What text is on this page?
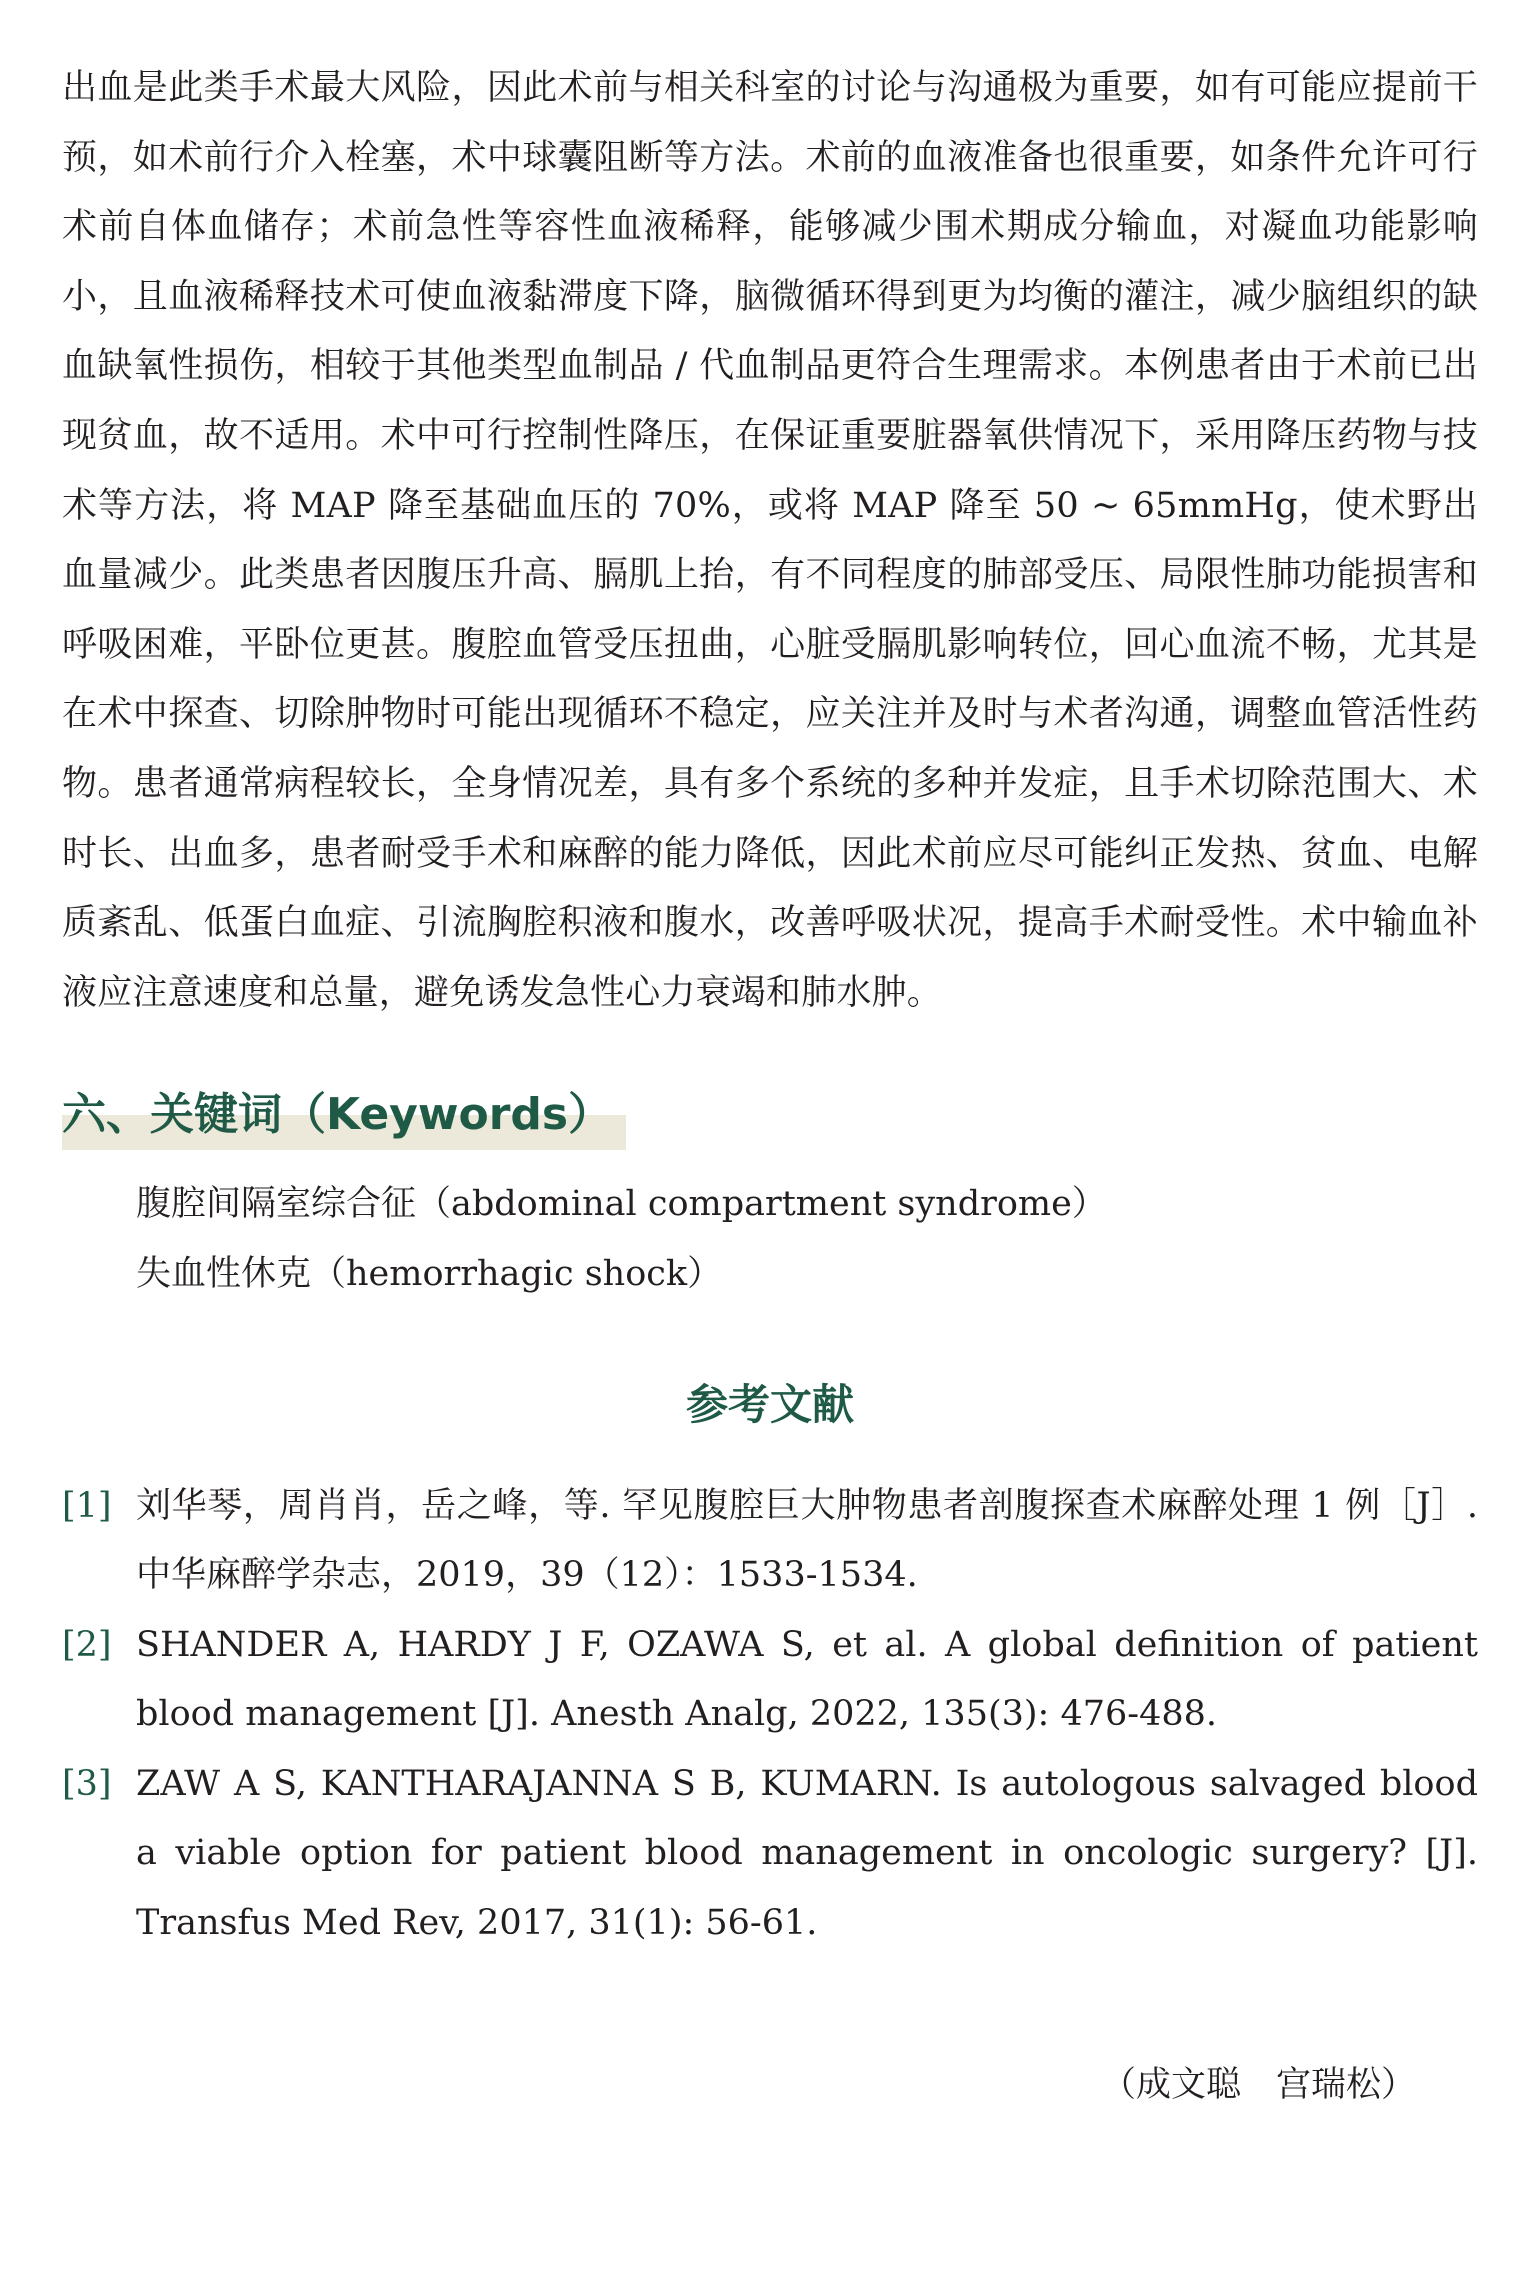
出血是此类手术最大风险，因此术前与相关科室的讨论与沟通极为重要，如有可能应提前干预，如术前行介入栓塞，术中球囊阻断等方法。术前的血液准备也很重要，如条件允许可行术前自体血储存；术前急性等容性血液稀释，能够减少围术期成分输血，对凝血功能影响小，且血液稀释技术可使血液黏滞度下降，脑微循环得到更为均衡的灌注，减少脑组织的缺血缺氧性损伤，相较于其他类型血制品 / 代血制品更符合生理需求。本例患者由于术前已出现贫血，故不适用。术中可行控制性降压，在保证重要脏器氧供情况下，采用降压药物与技术等方法，将 MAP 降至基础血压的 70%，或将 MAP 降至 50 ~ 65mmHg，使术野出血量减少。此类患者因腹压升高、膈肌上抬，有不同程度的肺部受压、局限性肺功能损害和呼吸困难，平卧位更甚。腹腔血管受压扭曲，心脏受膈肌影响转位，回心血流不畅，尤其是在术中探查、切除肿物时可能出现循环不稳定，应关注并及时与术者沟通，调整血管活性药物。患者通常病程较长，全身情况差，具有多个系统的多种并发症，且手术切除范围大、术时长、出血多，患者耐受手术和麻醉的能力降低，因此术前应尽可能纠正发热、贫血、电解质紊乱、低蛋白血症、引流胸腔积液和腹水，改善呼吸状况，提高手术耐受性。术中输血补液应注意速度和总量，避免诱发急性心力衰竭和肺水肿。

六、关键词（Keywords）

腹腔间隔室综合征（abdominal compartment syndrome）

失血性休克（hemorrhagic shock）

参考文献
[1] 刘华琴，周肖肖，岳之峰，等. 罕见腹腔巨大肿物患者剖腹探查术麻醉处理 1 例［J］. 中华麻醉学杂志，2019，39（12）：1533-1534.
[2] SHANDER A, HARDY J F, OZAWA S, et al. A global definition of patient blood management [J]. Anesth Analg, 2022, 135(3): 476-488.
[3] ZAW A S, KANTHARAJANNA S B, KUMARN. Is autologous salvaged blood a viable option for patient blood management in oncologic surgery? [J]. Transfus Med Rev, 2017, 31(1): 56-61.
（成文聪　宫瑞松）
